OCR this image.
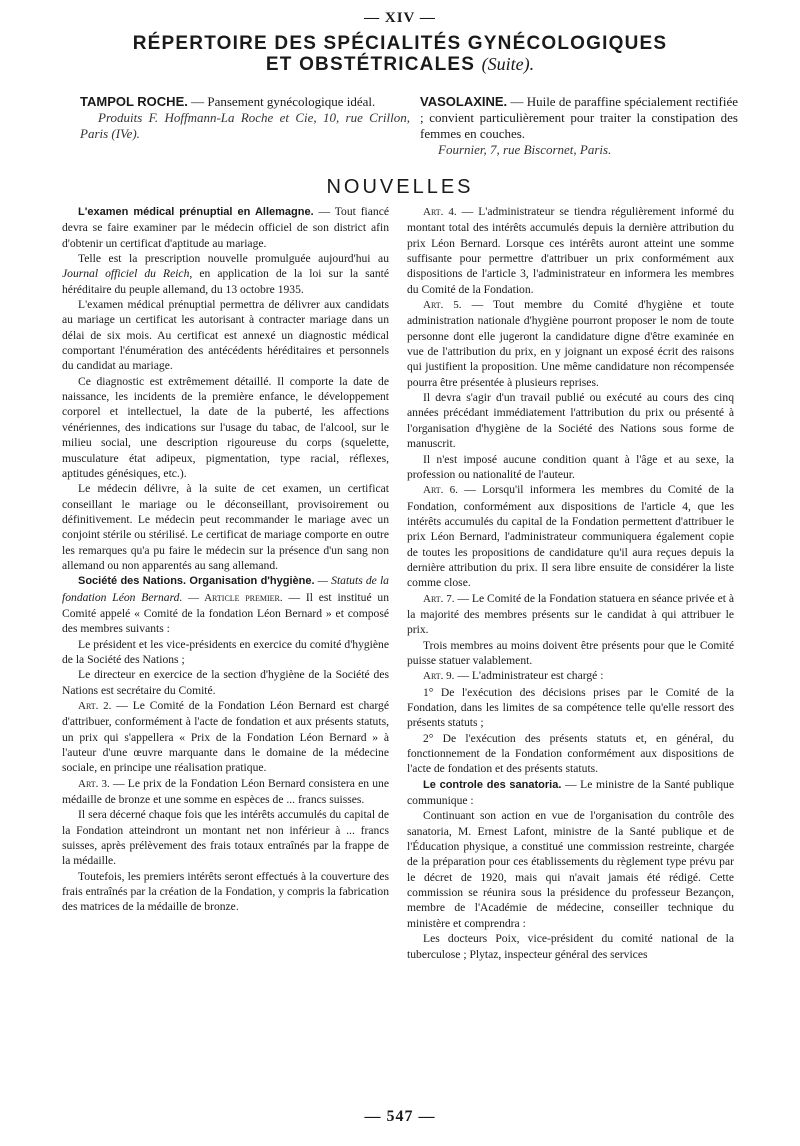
— XIV —
RÉPERTOIRE DES SPÉCIALITÉS GYNÉCOLOGIQUES
ET OBSTÉTRICALES (Suite).
TAMPOL ROCHE. — Pansement gynécologique idéal.
Produits F. Hoffmann-La Roche et Cie, 10, rue Crillon, Paris (IVe).
VASOLAXINE. — Huile de paraffine spécialement rectifiée ; convient particulièrement pour traiter la constipation des femmes en couches.
Fournier, 7, rue Biscornet, Paris.
NOUVELLES

L'examen médical prénuptial en Allemagne. — Tout fiancé devra se faire examiner par le médecin officiel de son district afin d'obtenir un certificat d'aptitude au mariage.

Telle est la prescription nouvelle promulguée aujourd'hui au Journal officiel du Reich, en application de la loi sur la santé héréditaire du peuple allemand, du 13 octobre 1935.

L'examen médical prénuptial permettra de délivrer aux candidats au mariage un certificat les autorisant à contracter mariage dans un délai de six mois. Au certificat est annexé un diagnostic médical comportant l'énumération des antécédents héréditaires et personnels du candidat au mariage.

Ce diagnostic est extrêmement détaillé. Il comporte la date de naissance, les incidents de la première enfance, le développement corporel et intellectuel, la date de la puberté, les affections vénériennes, des indications sur l'usage du tabac, de l'alcool, sur le milieu social, une description rigoureuse du corps (squelette, musculature état adipeux, pigmentation, type racial, réflexes, aptitudes génésiques, etc.).

Le médecin délivre, à la suite de cet examen, un certificat conseillant le mariage ou le déconseillant, provisoirement ou définitivement. Le médecin peut recommander le mariage avec un conjoint stérile ou stérilisé. Le certificat de mariage comporte en outre les remarques qu'a pu faire le médecin sur la présence d'un sang non allemand ou non apparentés au sang allemand.

Société des Nations. Organisation d'hygiène. — Statuts de la fondation Léon Bernard. — Article premier. — Il est institué un Comité appelé « Comité de la fondation Léon Bernard » et composé des membres suivants :

Le président et les vice-présidents en exercice du comité d'hygiène de la Société des Nations ;

Le directeur en exercice de la section d'hygiène de la Société des Nations est secrétaire du Comité.

Art. 2. — Le Comité de la Fondation Léon Bernard est chargé d'attribuer, conformément à l'acte de fondation et aux présents statuts, un prix qui s'appellera « Prix de la Fondation Léon Bernard » à l'auteur d'une œuvre marquante dans le domaine de la médecine sociale, en principe une réalisation pratique.

Art. 3. — Le prix de la Fondation Léon Bernard consistera en une médaille de bronze et une somme en espèces de ... francs suisses.

Il sera décerné chaque fois que les intérêts accumulés du capital de la Fondation atteindront un montant net non inférieur à ... francs suisses, après prélèvement des frais totaux entraînés par la frappe de la médaille.

Toutefois, les premiers intérêts seront effectués à la couverture des frais entraînés par la création de la Fondation, y compris la fabrication des matrices de la médaille de bronze.

Art. 4. — L'administrateur se tiendra régulièrement informé du montant total des intérêts accumulés depuis la dernière attribution du prix Léon Bernard. Lorsque ces intérêts auront atteint une somme suffisante pour permettre d'attribuer un prix conformément aux dispositions de l'article 3, l'administrateur en informera les membres du Comité de la Fondation.

Art. 5. — Tout membre du Comité d'hygiène et toute administration nationale d'hygiène pourront proposer le nom de toute personne dont elle jugeront la candidature digne d'être examinée en vue de l'attribution du prix, en y joignant un exposé écrit des raisons qui justifient la proposition. Une même candidature non récompensée pourra être présentée à plusieurs reprises.

Il devra s'agir d'un travail publié ou exécuté au cours des cinq années précédant immédiatement l'attribution du prix ou présenté à l'organisation d'hygiène de la Société des Nations sous forme de manuscrit.

Il n'est imposé aucune condition quant à l'âge et au sexe, la profession ou nationalité de l'auteur.

Art. 6. — Lorsqu'il informera les membres du Comité de la Fondation, conformément aux dispositions de l'article 4, que les intérêts accumulés du capital de la Fondation permettent d'attribuer le prix Léon Bernard, l'administrateur communiquera également copie de toutes les propositions de candidature qu'il aura reçues depuis la dernière attribution du prix. Il sera libre ensuite de considérer la liste comme close.

Art. 7. — Le Comité de la Fondation statuera en séance privée et à la majorité des membres présents sur le candidat à qui attribuer le prix.

Trois membres au moins doivent être présents pour que le Comité puisse statuer valablement.

Art. 9. — L'administrateur est chargé :

1° De l'exécution des décisions prises par le Comité de la Fondation, dans les limites de sa compétence telle qu'elle ressort des présents statuts ;

2° De l'exécution des présents statuts et, en général, du fonctionnement de la Fondation conformément aux dispositions de l'acte de fondation et des présents statuts.

Le controle des sanatoria. — Le ministre de la Santé publique communique :

Continuant son action en vue de l'organisation du contrôle des sanatoria, M. Ernest Lafont, ministre de la Santé publique et de l'Éducation physique, a constitué une commission restreinte, chargée de la préparation pour ces établissements du règlement type prévu par le décret de 1920, mais qui n'avait jamais été rédigé. Cette commission se réunira sous la présidence du professeur Bezançon, membre de l'Académie de médecine, conseiller technique du ministère et comprendra :

Les docteurs Poix, vice-président du comité national de la tuberculose ; Plytaz, inspecteur général des services

— 547 —
